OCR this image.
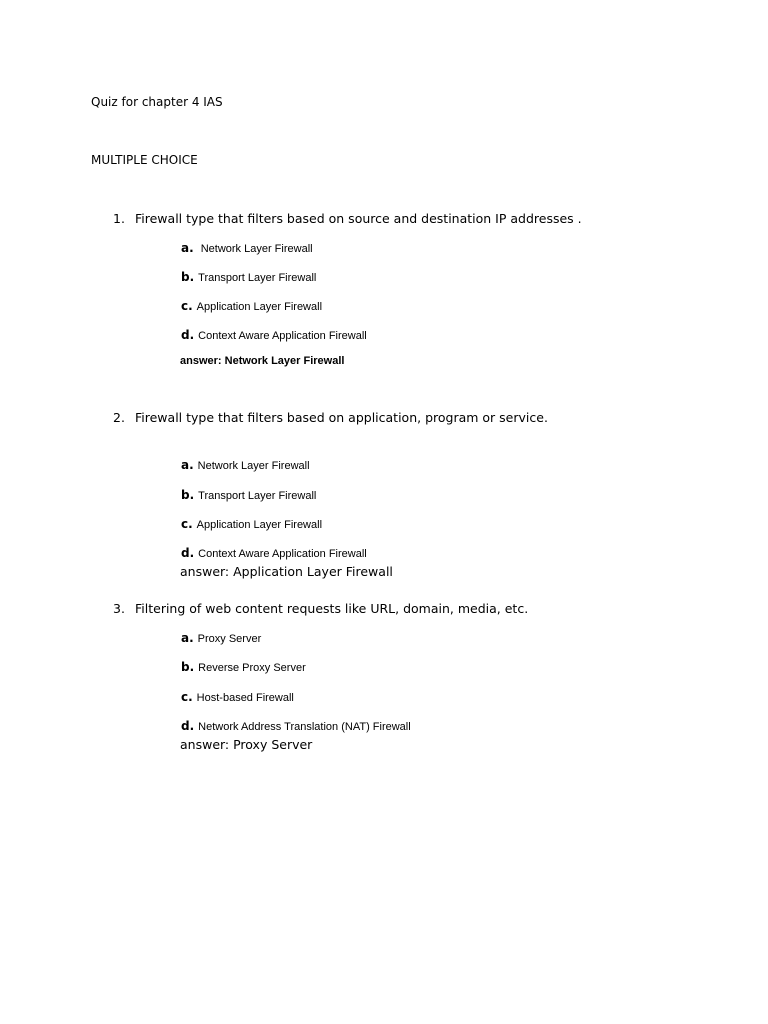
Quiz for chapter 4 IAS
MULTIPLE CHOICE
1. Firewall type that filters based on source and destination IP addresses .
a. Network Layer Firewall
b. Transport Layer Firewall
c. Application Layer Firewall
d. Context Aware Application Firewall
answer: Network Layer Firewall
2. Firewall type that filters based on application, program or service.
a. Network Layer Firewall
b. Transport Layer Firewall
c. Application Layer Firewall
d. Context Aware Application Firewall
answer: Application Layer Firewall
3. Filtering of web content requests like URL, domain, media, etc.
a. Proxy Server
b. Reverse Proxy Server
c. Host-based Firewall
d. Network Address Translation (NAT) Firewall
answer: Proxy Server
